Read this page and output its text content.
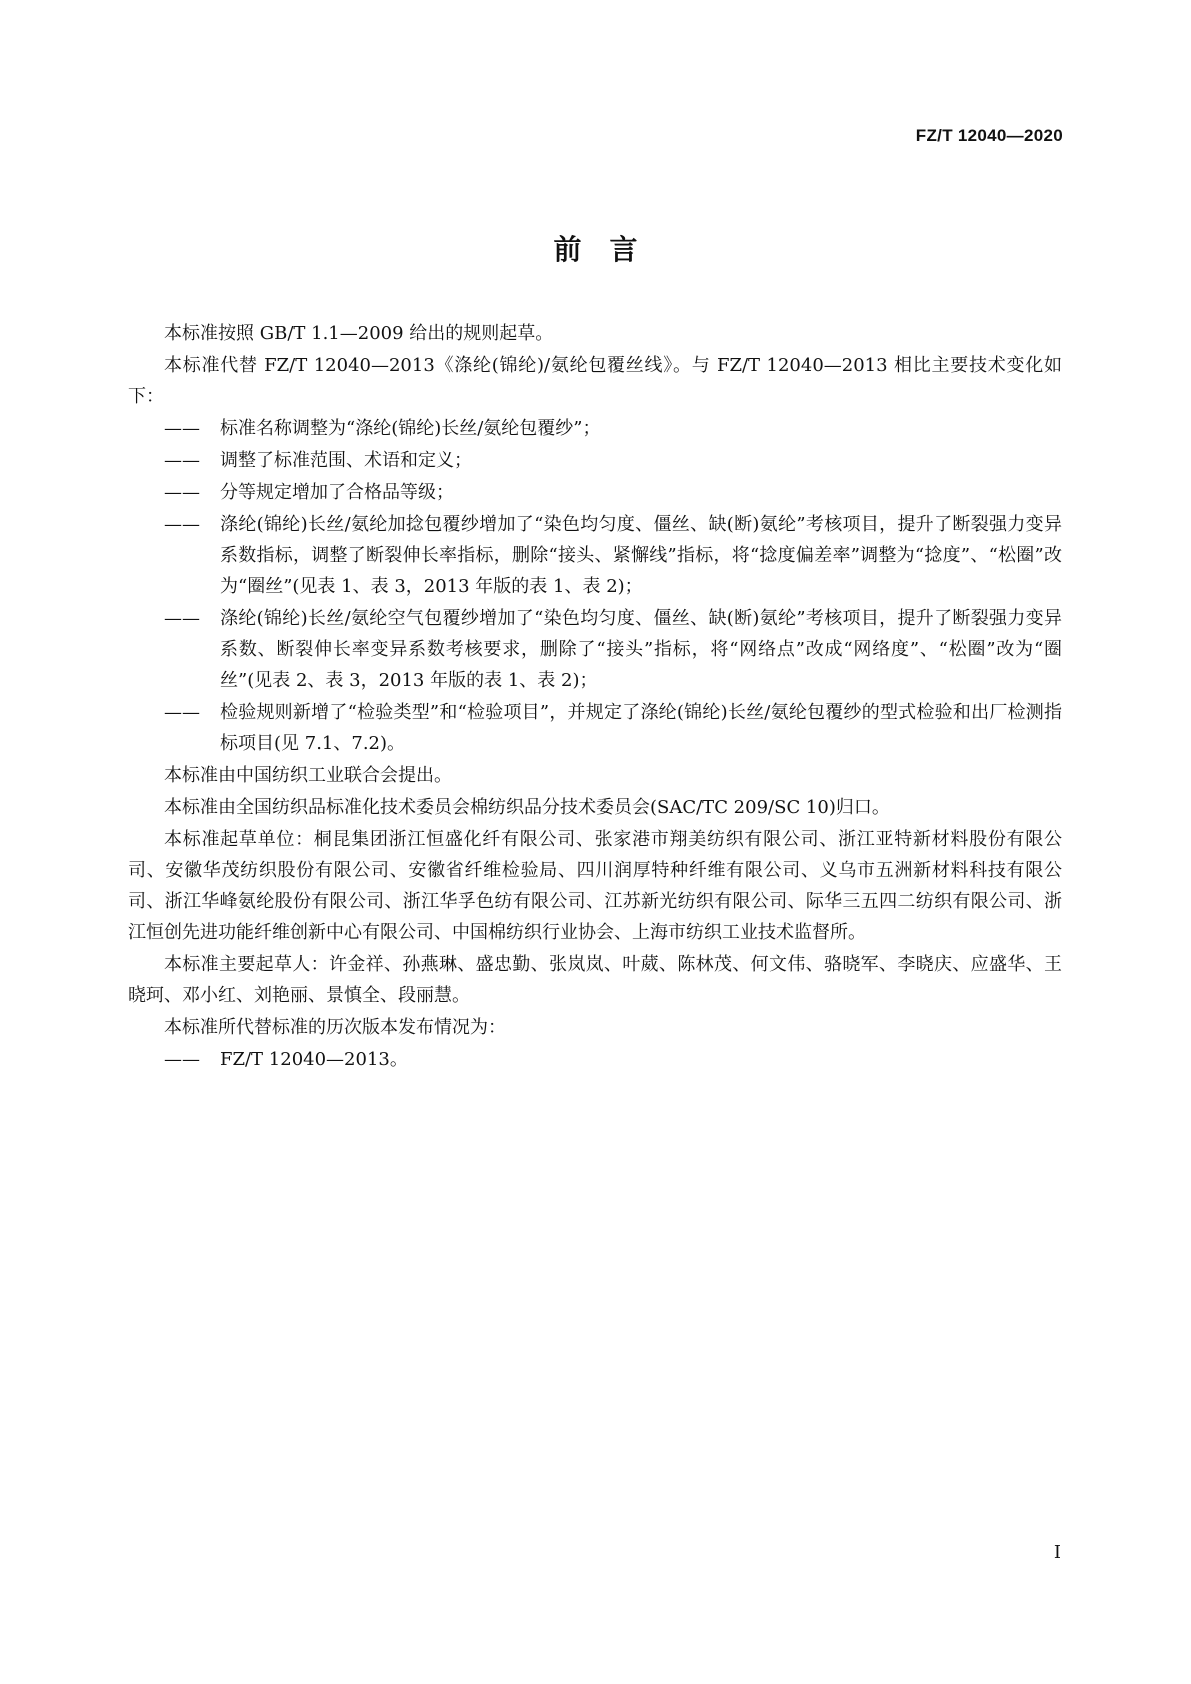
FZ/T 12040—2020
前　言

本标准按照 GB/T 1.1—2009 给出的规则起草。

本标准代替 FZ/T 12040—2013《涤纶(锦纶)/氨纶包覆丝线》。与 FZ/T 12040—2013 相比主要技术变化如下：

——	标准名称调整为“涤纶(锦纶)长丝/氨纶包覆纱”；
——	调整了标准范围、术语和定义；
——	分等规定增加了合格品等级；
——	涤纶(锦纶)长丝/氨纶加捻包覆纱增加了“染色均匀度、僵丝、缺(断)氨纶”考核项目，提升了断裂强力变异系数指标，调整了断裂伸长率指标，删除“接头、紧懈线”指标，将“捻度偏差率”调整为“捻度”、“松圈”改为“圈丝”(见表 1、表 3，2013 年版的表 1、表 2)；
——	涤纶(锦纶)长丝/氨纶空气包覆纱增加了“染色均匀度、僵丝、缺(断)氨纶”考核项目，提升了断裂强力变异系数、断裂伸长率变异系数考核要求，删除了“接头”指标，将“网络点”改成“网络度”、“松圈”改为“圈丝”(见表 2、表 3，2013 年版的表 1、表 2)；
——	检验规则新增了“检验类型”和“检验项目”，并规定了涤纶(锦纶)长丝/氨纶包覆纱的型式检验和出厂检测指标项目(见 7.1、7.2)。

本标准由中国纺织工业联合会提出。

本标准由全国纺织品标准化技术委员会棉纺织品分技术委员会(SAC/TC 209/SC 10)归口。

本标准起草单位：桐昆集团浙江恒盛化纤有限公司、张家港市翔美纺织有限公司、浙江亚特新材料股份有限公司、安徽华茂纺织股份有限公司、安徽省纤维检验局、四川润厚特种纤维有限公司、义乌市五洲新材料科技有限公司、浙江华峰氨纶股份有限公司、浙江华孚色纺有限公司、江苏新光纺织有限公司、际华三五四二纺织有限公司、浙江恒创先进功能纤维创新中心有限公司、中国棉纺织行业协会、上海市纺织工业技术监督所。

本标准主要起草人：许金祥、孙燕琳、盛忠勤、张岚岚、叶葳、陈林茂、何文伟、骆晓军、李晓庆、应盛华、王晓珂、邓小红、刘艳丽、景慎全、段丽慧。

本标准所代替标准的历次版本发布情况为：

——	FZ/T 12040—2013。
I
